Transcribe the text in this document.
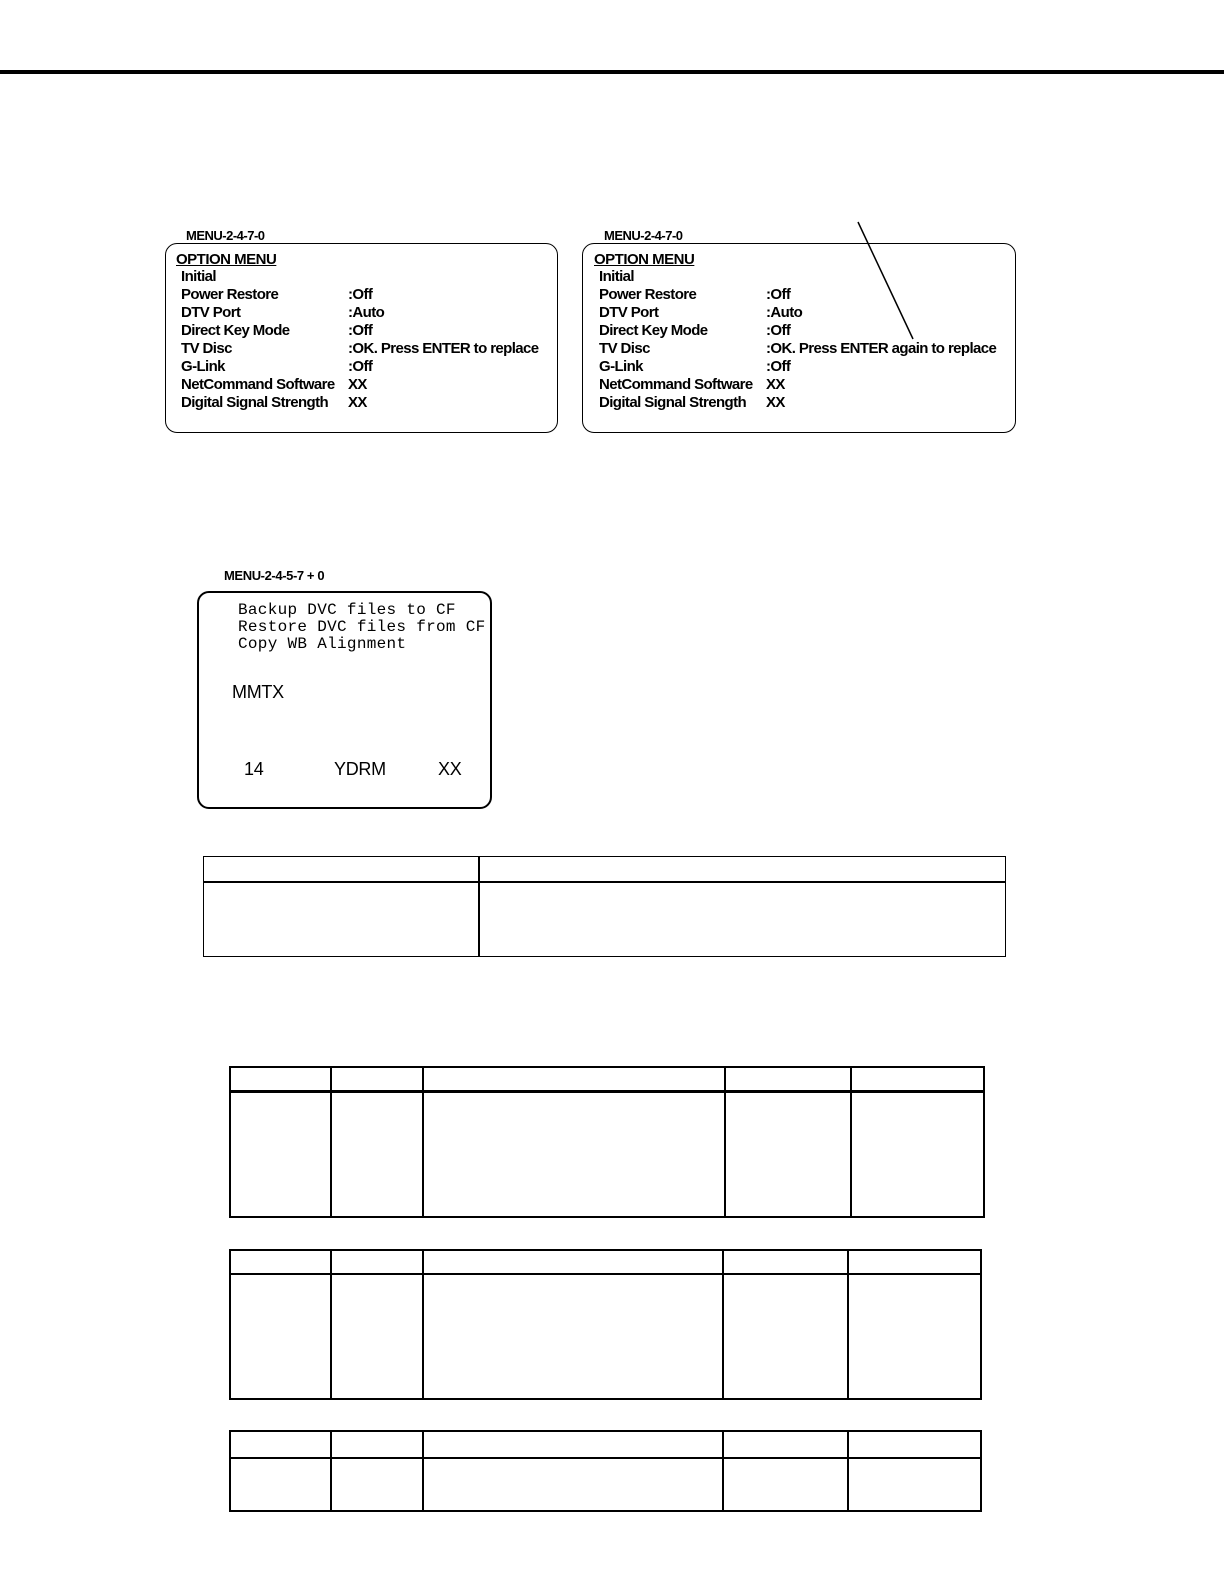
MENU-2-4-7-0
OPTION MENU
Initial
Power Restore	:Off
DTV Port	:Auto
Direct Key Mode	:Off
TV Disc	:OK. Press ENTER to replace
G-Link	:Off
NetCommand Software XX
Digital Signal Strength XX
MENU-2-4-7-0
OPTION MENU
Initial
Power Restore	:Off
DTV Port	:Auto
Direct Key Mode	:Off
TV Disc	:OK. Press ENTER again to replace
G-Link	:Off
NetCommand Software XX
Digital Signal Strength XX
MENU-2-4-5-7 + 0
Backup DVC files to CF
Restore DVC files from CF
Copy WB Alignment
MMTX
14	YDRM	XX
